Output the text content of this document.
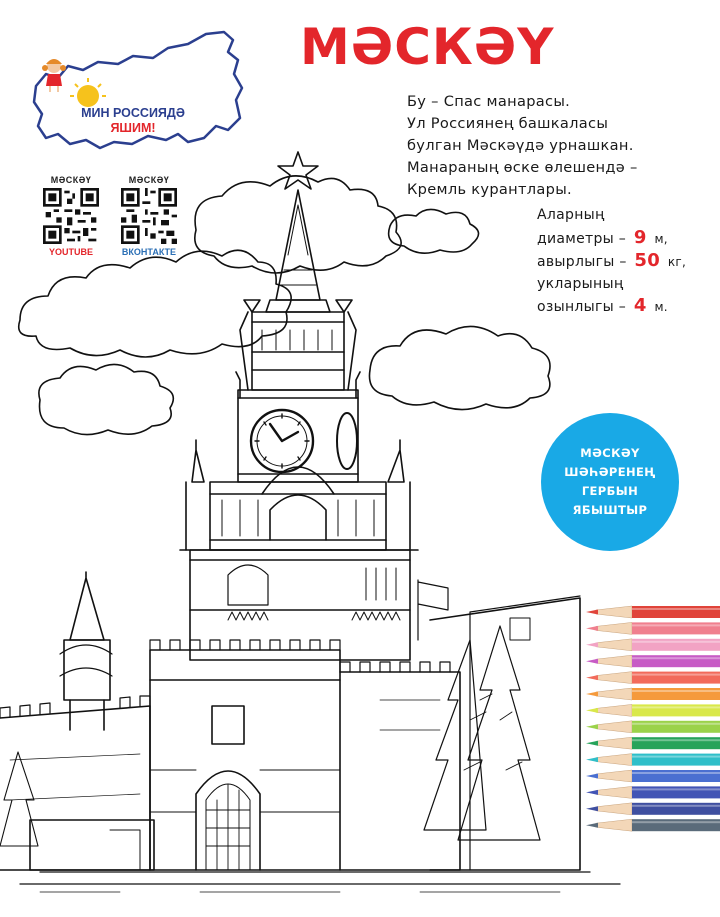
МӘСКӘҮ
МИН РОССИЯДӘ
ЯШИМ!
МӘСКӘҮ
YOUTUBE
МӘСКӘҮ
ВКОНТАКТЕ
Бу – Спас манарасы.
Ул Россиянең башкаласы
булган Мәскәүдә урнашкан.
Манараның өске өлешендә –
Кремль курантлары.
Аларның
диаметры – 9 м,
авырлыгы – 50 кг,
укларының
озынлыгы – 4 м.
МӘСКӘҮ
ШӘҺӘРЕНЕҢ
ГЕРБЫН
ЯБЫШТЫР
